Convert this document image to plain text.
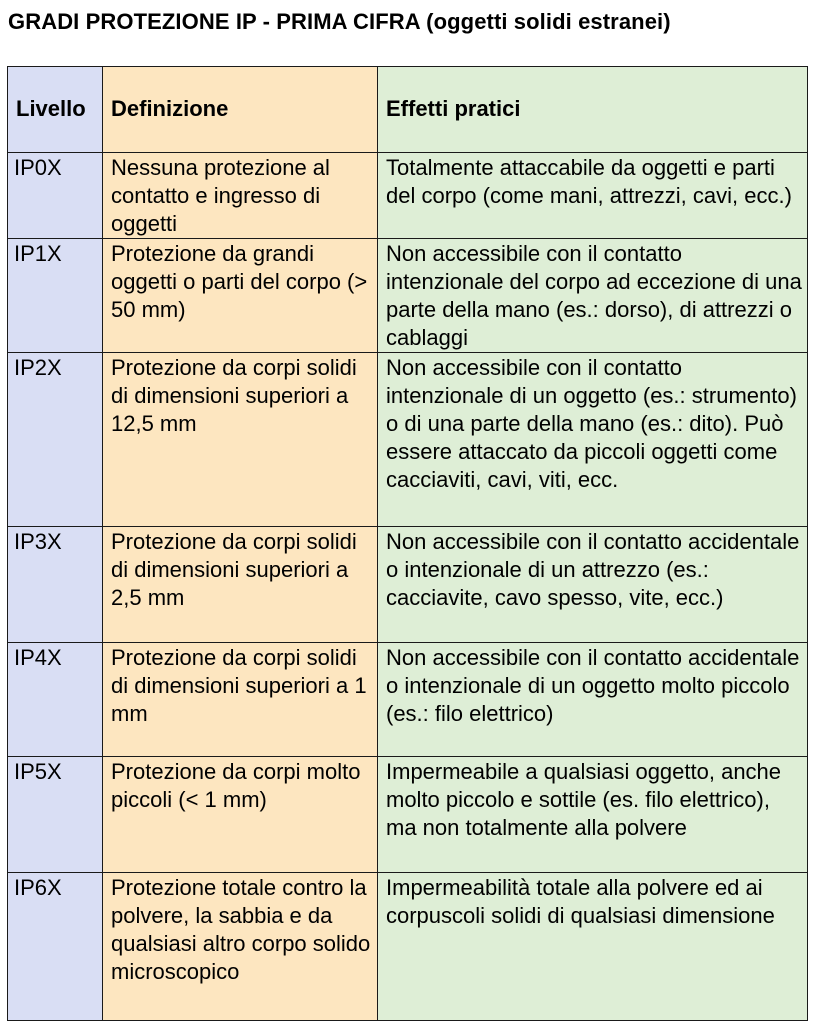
GRADI PROTEZIONE IP - PRIMA CIFRA (oggetti solidi estranei)
Livello	Definizione	Effetti pratici
IP0X	Nessuna protezione al contatto e ingresso di oggetti	Totalmente attaccabile da oggetti e parti del corpo (come mani, attrezzi, cavi, ecc.)
IP1X	Protezione da grandi oggetti o parti del corpo (> 50 mm)	Non accessibile con il contatto intenzionale del corpo ad eccezione di una parte della mano (es.: dorso), di attrezzi o cablaggi
IP2X	Protezione da corpi solidi di dimensioni superiori a 12,5 mm	Non accessibile con il contatto intenzionale di un oggetto (es.: strumento) o di una parte della mano (es.: dito). Può essere attaccato da piccoli oggetti come cacciaviti, cavi, viti, ecc.
IP3X	Protezione da corpi solidi di dimensioni superiori a 2,5 mm	Non accessibile con il contatto accidentale o intenzionale di un attrezzo (es.: cacciavite, cavo spesso, vite, ecc.)
IP4X	Protezione da corpi solidi di dimensioni superiori a 1 mm	Non accessibile con il contatto accidentale o intenzionale di un oggetto molto piccolo (es.: filo elettrico)
IP5X	Protezione da corpi molto piccoli (< 1 mm)	Impermeabile a qualsiasi oggetto, anche molto piccolo e sottile (es. filo elettrico), ma non totalmente alla polvere
IP6X	Protezione totale contro la polvere, la sabbia e da qualsiasi altro corpo solido microscopico	Impermeabilità totale alla polvere ed ai corpuscoli solidi di qualsiasi dimensione
